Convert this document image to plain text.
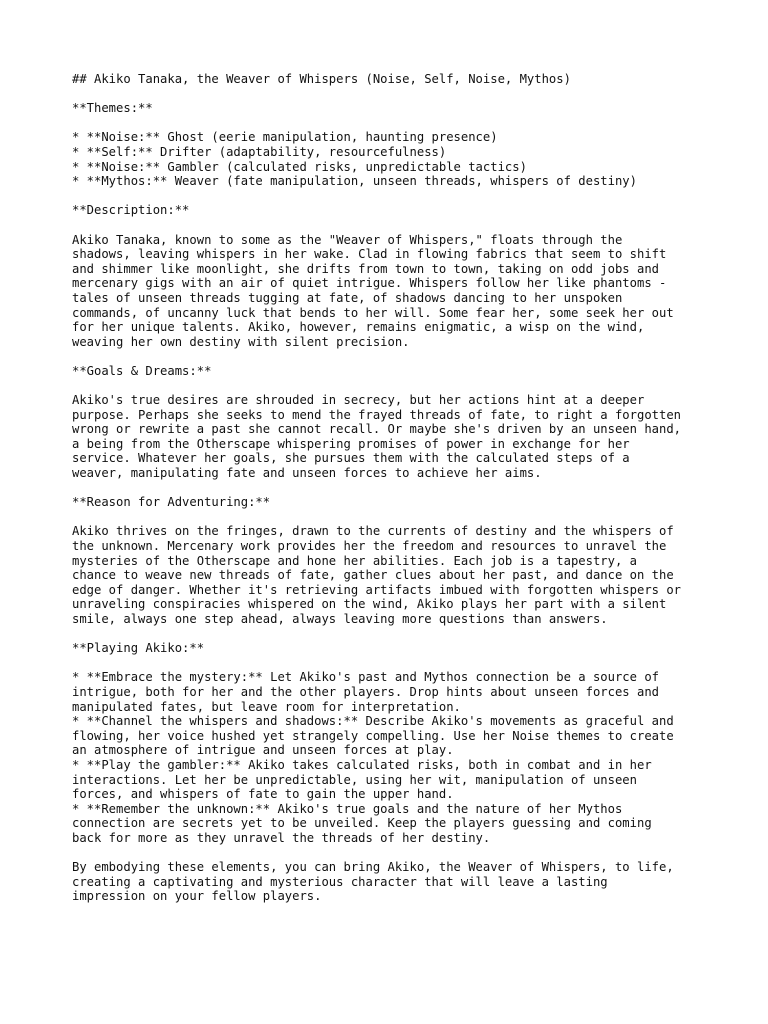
## Akiko Tanaka, the Weaver of Whispers (Noise, Self, Noise, Mythos)
**Themes:**
* **Noise:** Ghost (eerie manipulation, haunting presence)
* **Self:** Drifter (adaptability, resourcefulness)
* **Noise:** Gambler (calculated risks, unpredictable tactics)
* **Mythos:** Weaver (fate manipulation, unseen threads, whispers of destiny)
**Description:**
Akiko Tanaka, known to some as the "Weaver of Whispers," floats through the
shadows, leaving whispers in her wake. Clad in flowing fabrics that seem to shift
and shimmer like moonlight, she drifts from town to town, taking on odd jobs and
mercenary gigs with an air of quiet intrigue. Whispers follow her like phantoms -
tales of unseen threads tugging at fate, of shadows dancing to her unspoken
commands, of uncanny luck that bends to her will. Some fear her, some seek her out
for her unique talents. Akiko, however, remains enigmatic, a wisp on the wind,
weaving her own destiny with silent precision.
**Goals & Dreams:**
Akiko's true desires are shrouded in secrecy, but her actions hint at a deeper
purpose. Perhaps she seeks to mend the frayed threads of fate, to right a forgotten
wrong or rewrite a past she cannot recall. Or maybe she's driven by an unseen hand,
a being from the Otherscape whispering promises of power in exchange for her
service. Whatever her goals, she pursues them with the calculated steps of a
weaver, manipulating fate and unseen forces to achieve her aims.
**Reason for Adventuring:**
Akiko thrives on the fringes, drawn to the currents of destiny and the whispers of
the unknown. Mercenary work provides her the freedom and resources to unravel the
mysteries of the Otherscape and hone her abilities. Each job is a tapestry, a
chance to weave new threads of fate, gather clues about her past, and dance on the
edge of danger. Whether it's retrieving artifacts imbued with forgotten whispers or
unraveling conspiracies whispered on the wind, Akiko plays her part with a silent
smile, always one step ahead, always leaving more questions than answers.
**Playing Akiko:**
* **Embrace the mystery:** Let Akiko's past and Mythos connection be a source of
intrigue, both for her and the other players. Drop hints about unseen forces and
manipulated fates, but leave room for interpretation.
* **Channel the whispers and shadows:** Describe Akiko's movements as graceful and
flowing, her voice hushed yet strangely compelling. Use her Noise themes to create
an atmosphere of intrigue and unseen forces at play.
* **Play the gambler:** Akiko takes calculated risks, both in combat and in her
interactions. Let her be unpredictable, using her wit, manipulation of unseen
forces, and whispers of fate to gain the upper hand.
* **Remember the unknown:** Akiko's true goals and the nature of her Mythos
connection are secrets yet to be unveiled. Keep the players guessing and coming
back for more as they unravel the threads of her destiny.
By embodying these elements, you can bring Akiko, the Weaver of Whispers, to life,
creating a captivating and mysterious character that will leave a lasting
impression on your fellow players.
